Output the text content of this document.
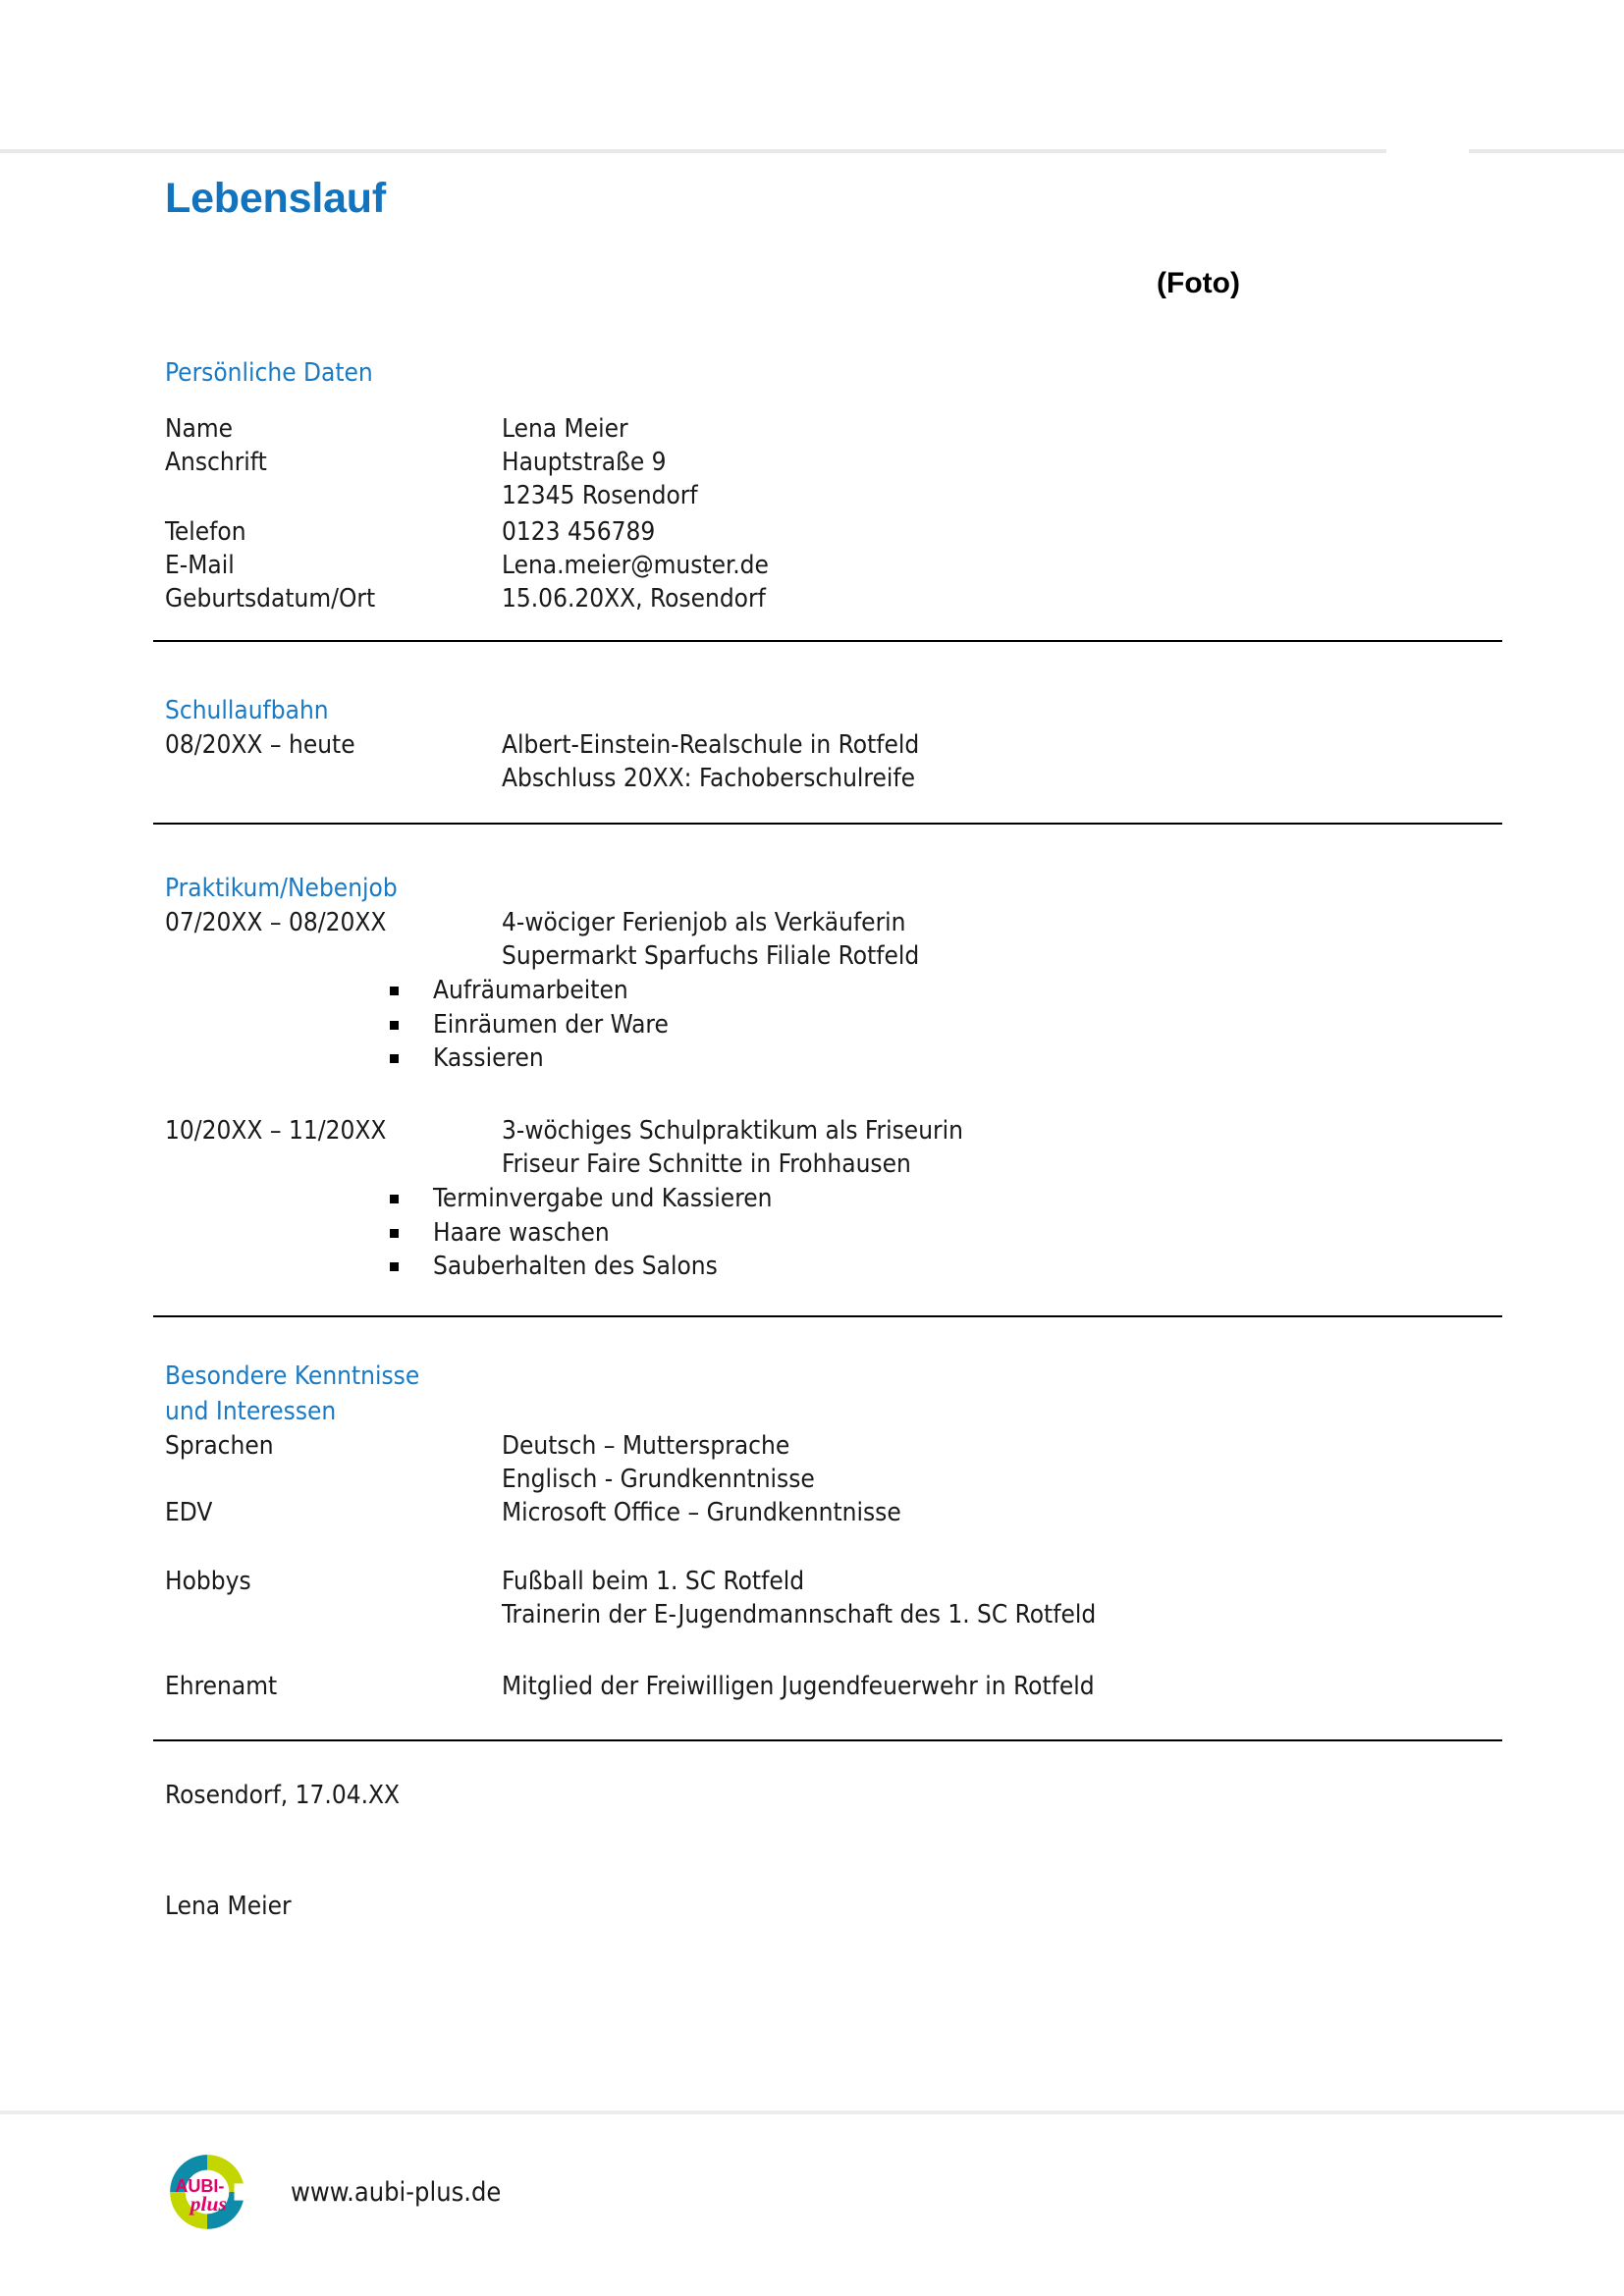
Lebenslauf
(Foto)
Persönliche Daten
Name	Lena Meier
Anschrift	Hauptstraße 9
12345 Rosendorf
Telefon	0123 456789
E-Mail	Lena.meier@muster.de
Geburtsdatum/Ort	15.06.20XX, Rosendorf
Schullaufbahn
08/20XX – heute	Albert-Einstein-Realschule in Rotfeld
Abschluss 20XX: Fachoberschulreife
Praktikum/Nebenjob
07/20XX – 08/20XX	4-wöciger Ferienjob als Verkäuferin
Supermarkt Sparfuchs Filiale Rotfeld
Aufräumarbeiten
Einräumen der Ware
Kassieren
10/20XX – 11/20XX	3-wöchiges Schulpraktikum als Friseurin
Friseur Faire Schnitte in Frohhausen
Terminvergabe und Kassieren
Haare waschen
Sauberhalten des Salons
Besondere Kenntnisse
und Interessen
Sprachen	Deutsch – Muttersprache
Englisch - Grundkenntnisse
EDV	Microsoft Office – Grundkenntnisse
Hobbys	Fußball beim 1. SC Rotfeld
Trainerin der E-Jugendmannschaft des 1. SC Rotfeld
Ehrenamt	Mitglied der Freiwilligen Jugendfeuerwehr in Rotfeld
Rosendorf, 17.04.XX
Lena Meier
AUBI-
plus www.aubi-plus.de
